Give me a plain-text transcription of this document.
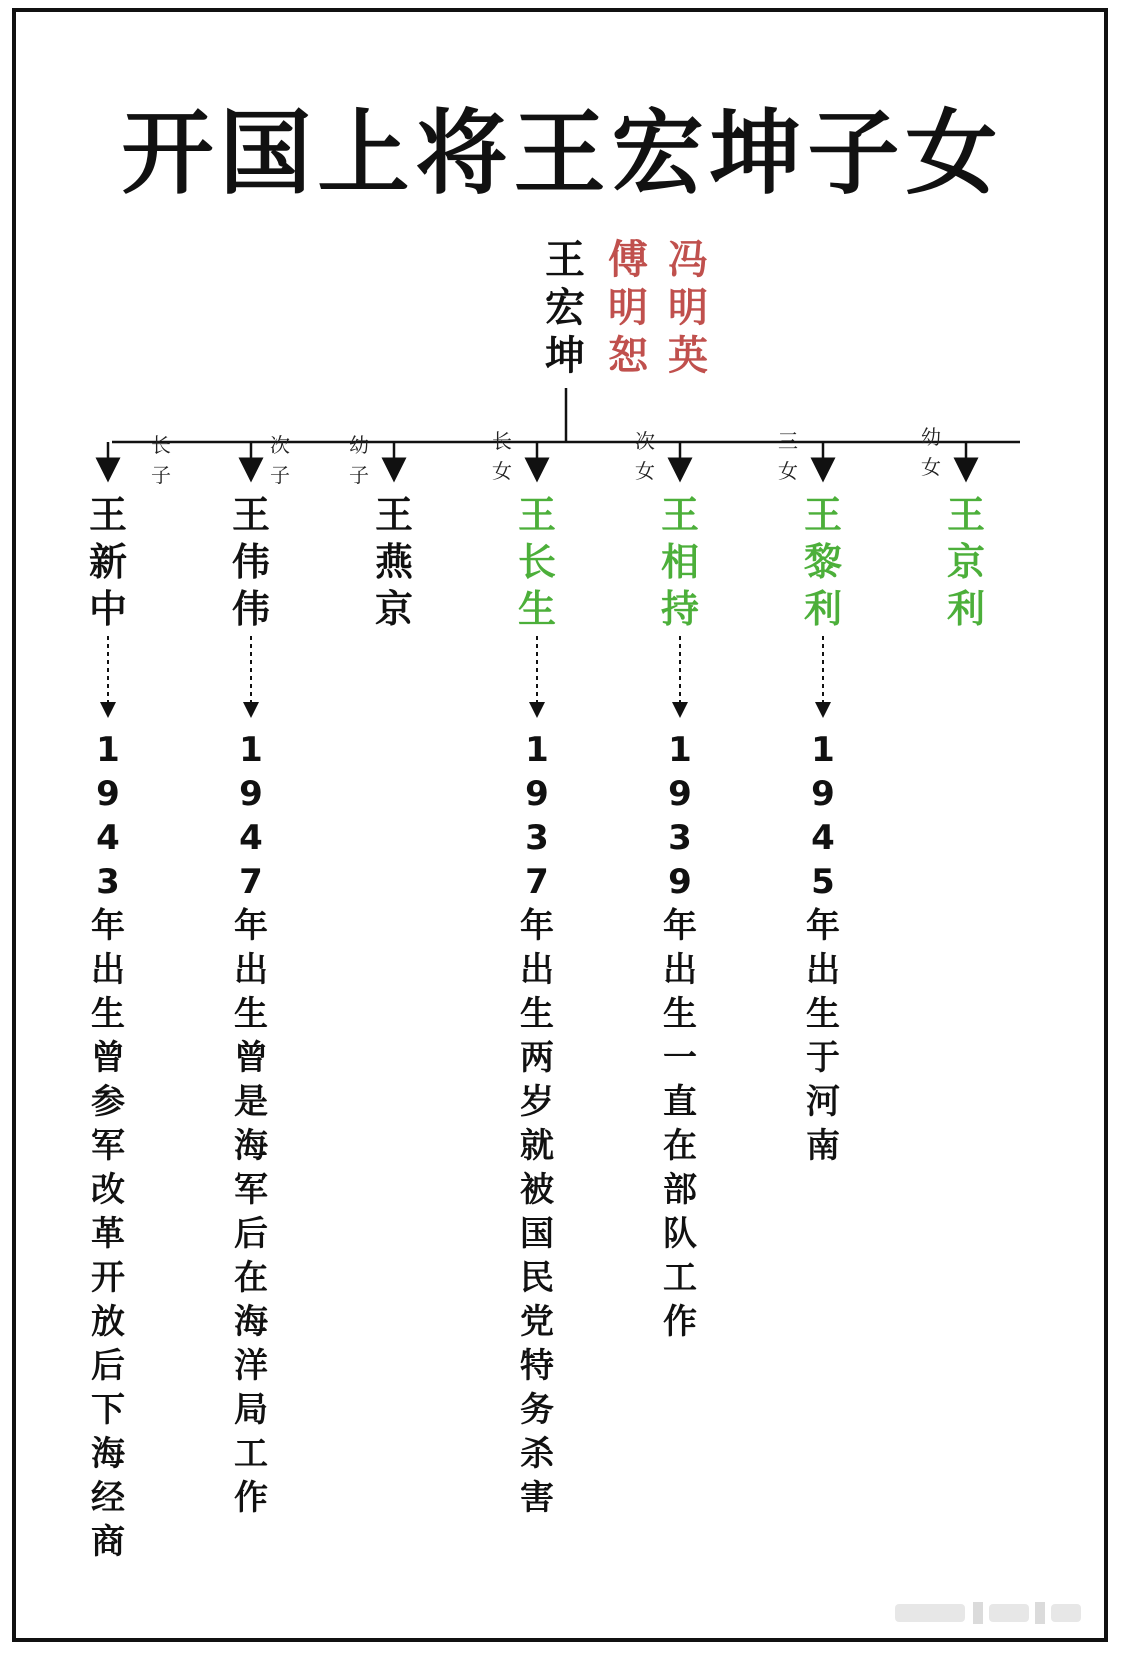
开国上将王宏坤子女
王
宏
坤
傅
明
恕
冯
明
英
长
子
王
新
中
1
9
4
3
年
出
生
曾
参
军
改
革
开
放
后
下
海
经
商
次
子
王
伟
伟
1
9
4
7
年
出
生
曾
是
海
军
后
在
海
洋
局
工
作
幼
子
王
燕
京
长
女
王
长
生
1
9
3
7
年
出
生
两
岁
就
被
国
民
党
特
务
杀
害
次
女
王
相
持
1
9
3
9
年
出
生
一
直
在
部
队
工
作
三
女
王
黎
利
1
9
4
5
年
出
生
于
河
南
幼
女
王
京
利
